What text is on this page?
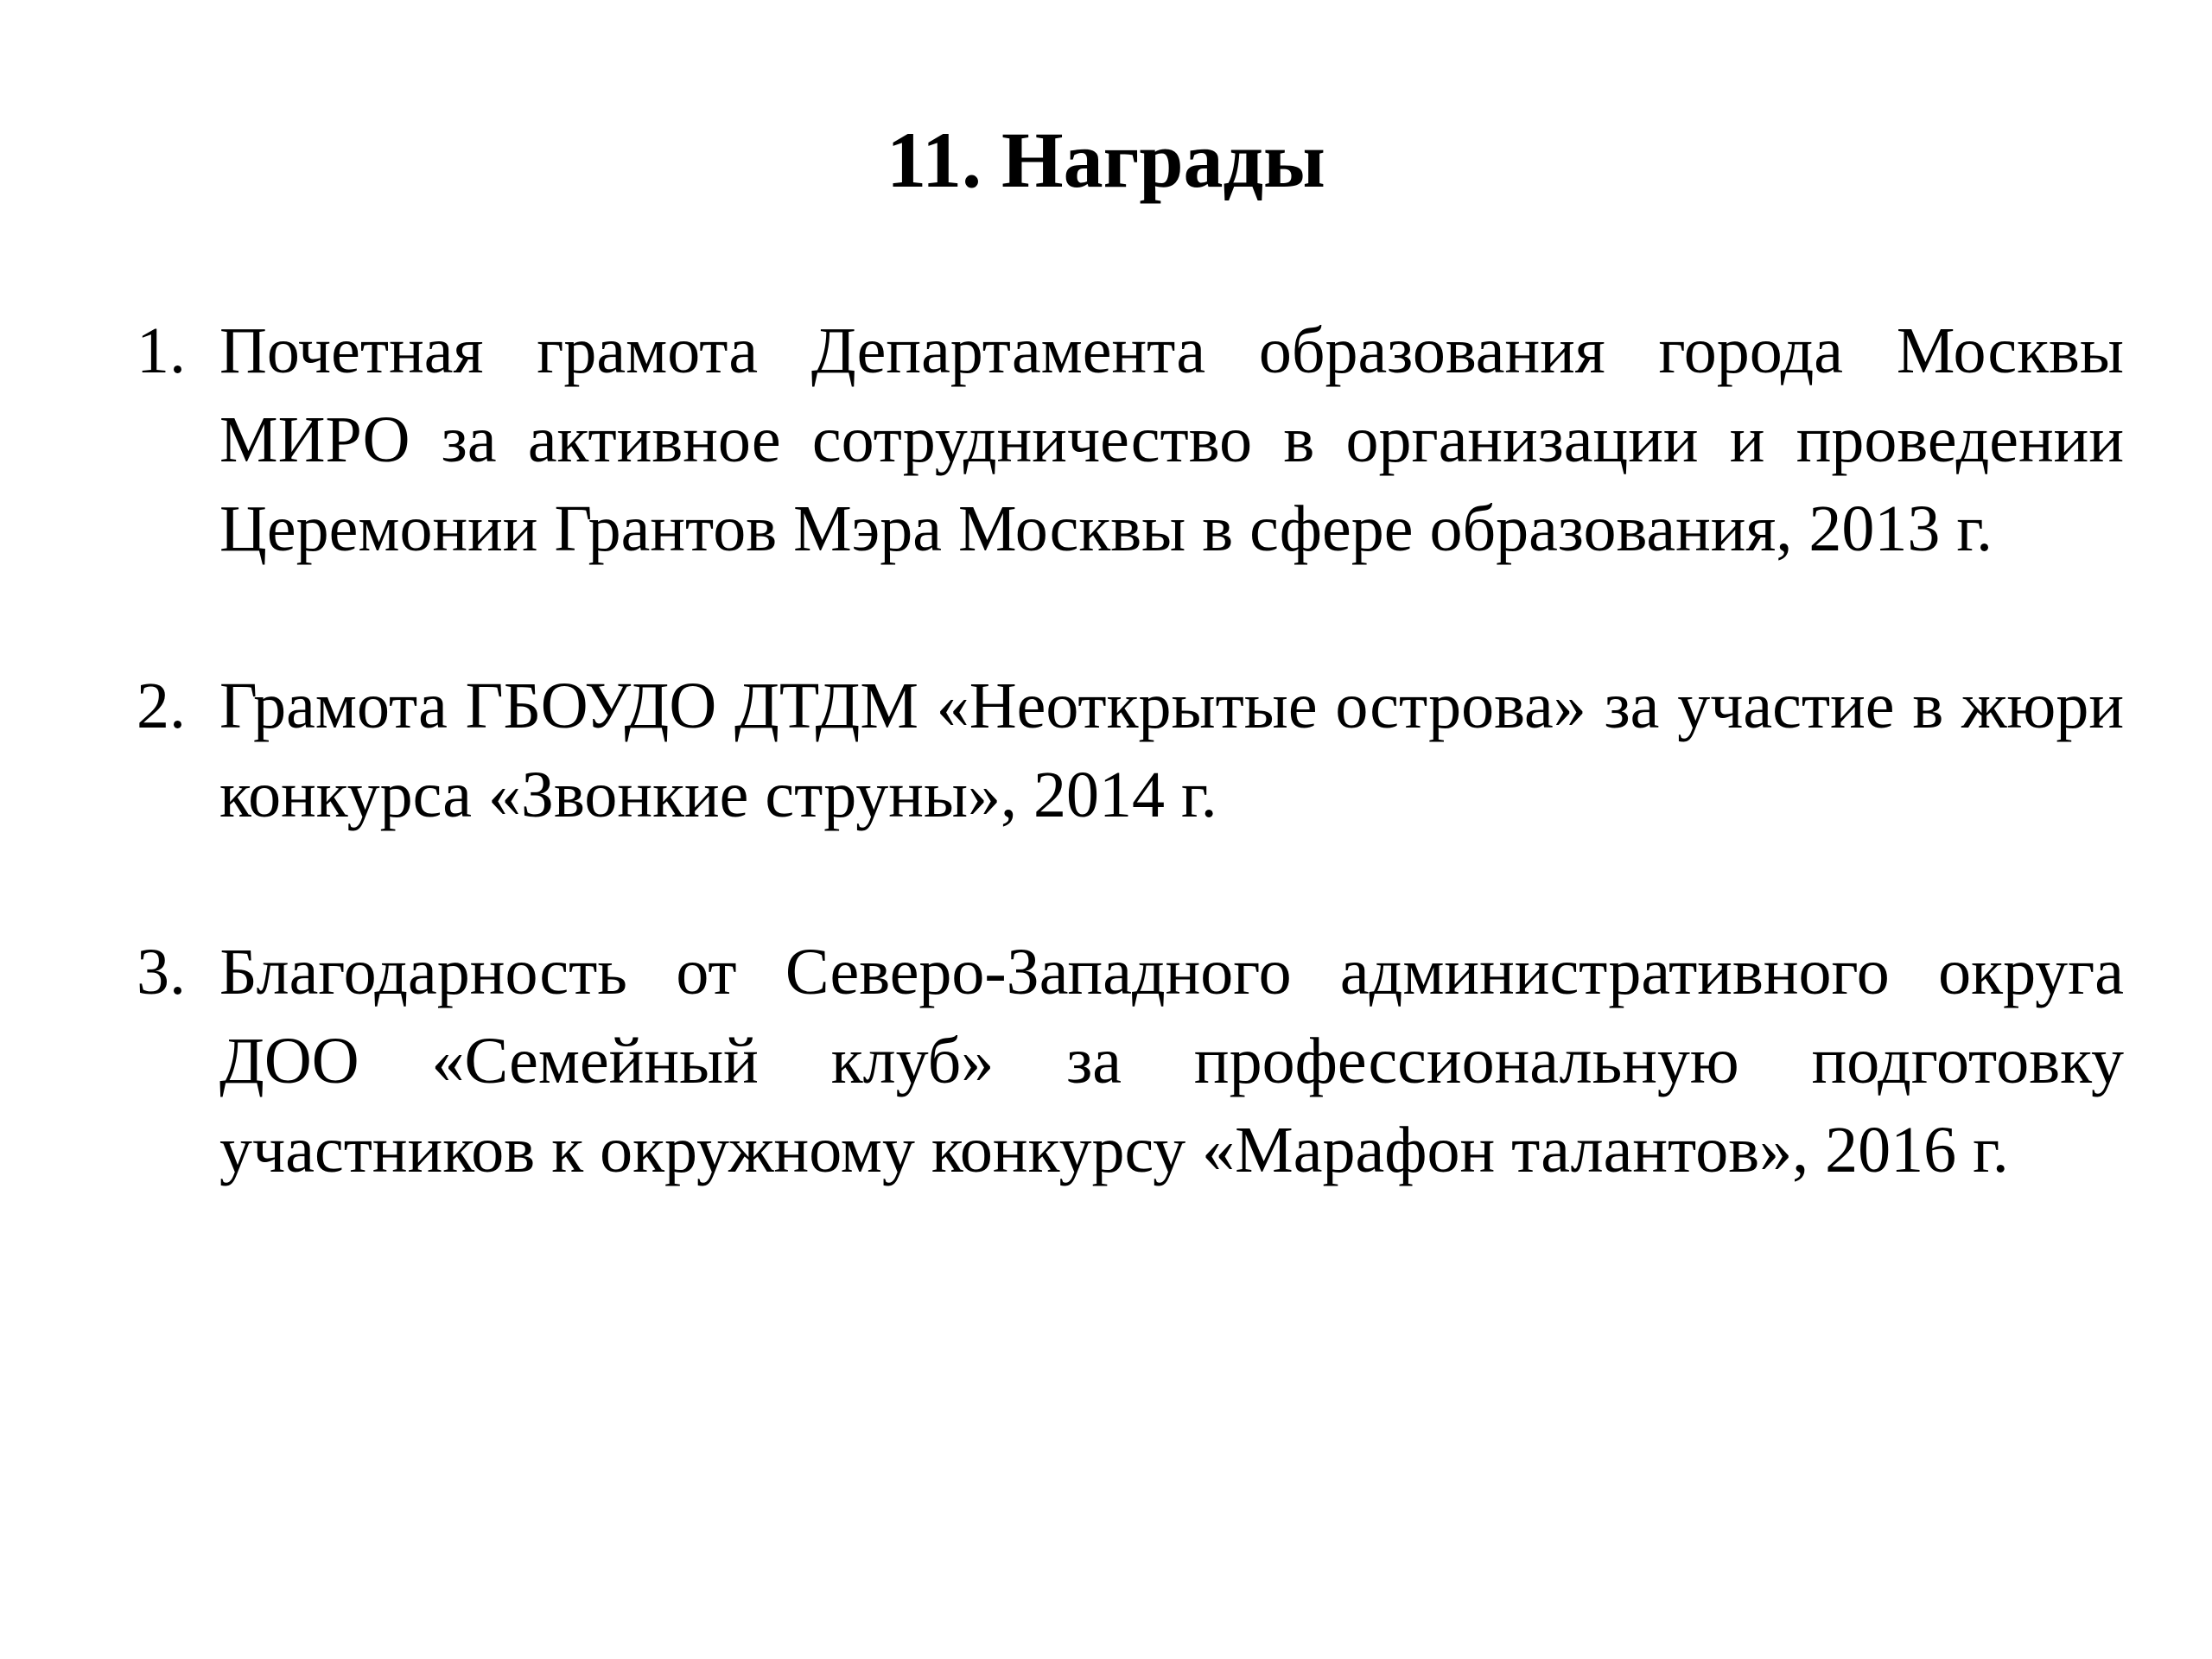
11. Награды
1. Почетная грамота Департамента образования города Москвы МИРО за активное сотрудничество в организации и проведении Церемонии Грантов Мэра Москвы в сфере образования, 2013 г.
2. Грамота ГБОУДО ДТДМ «Неоткрытые острова» за участие в жюри конкурса «Звонкие струны», 2014 г.
3. Благодарность от Северо-Западного административного округа ДОО «Семейный клуб» за профессиональную подготовку участников к окружному конкурсу «Марафон талантов», 2016 г.
